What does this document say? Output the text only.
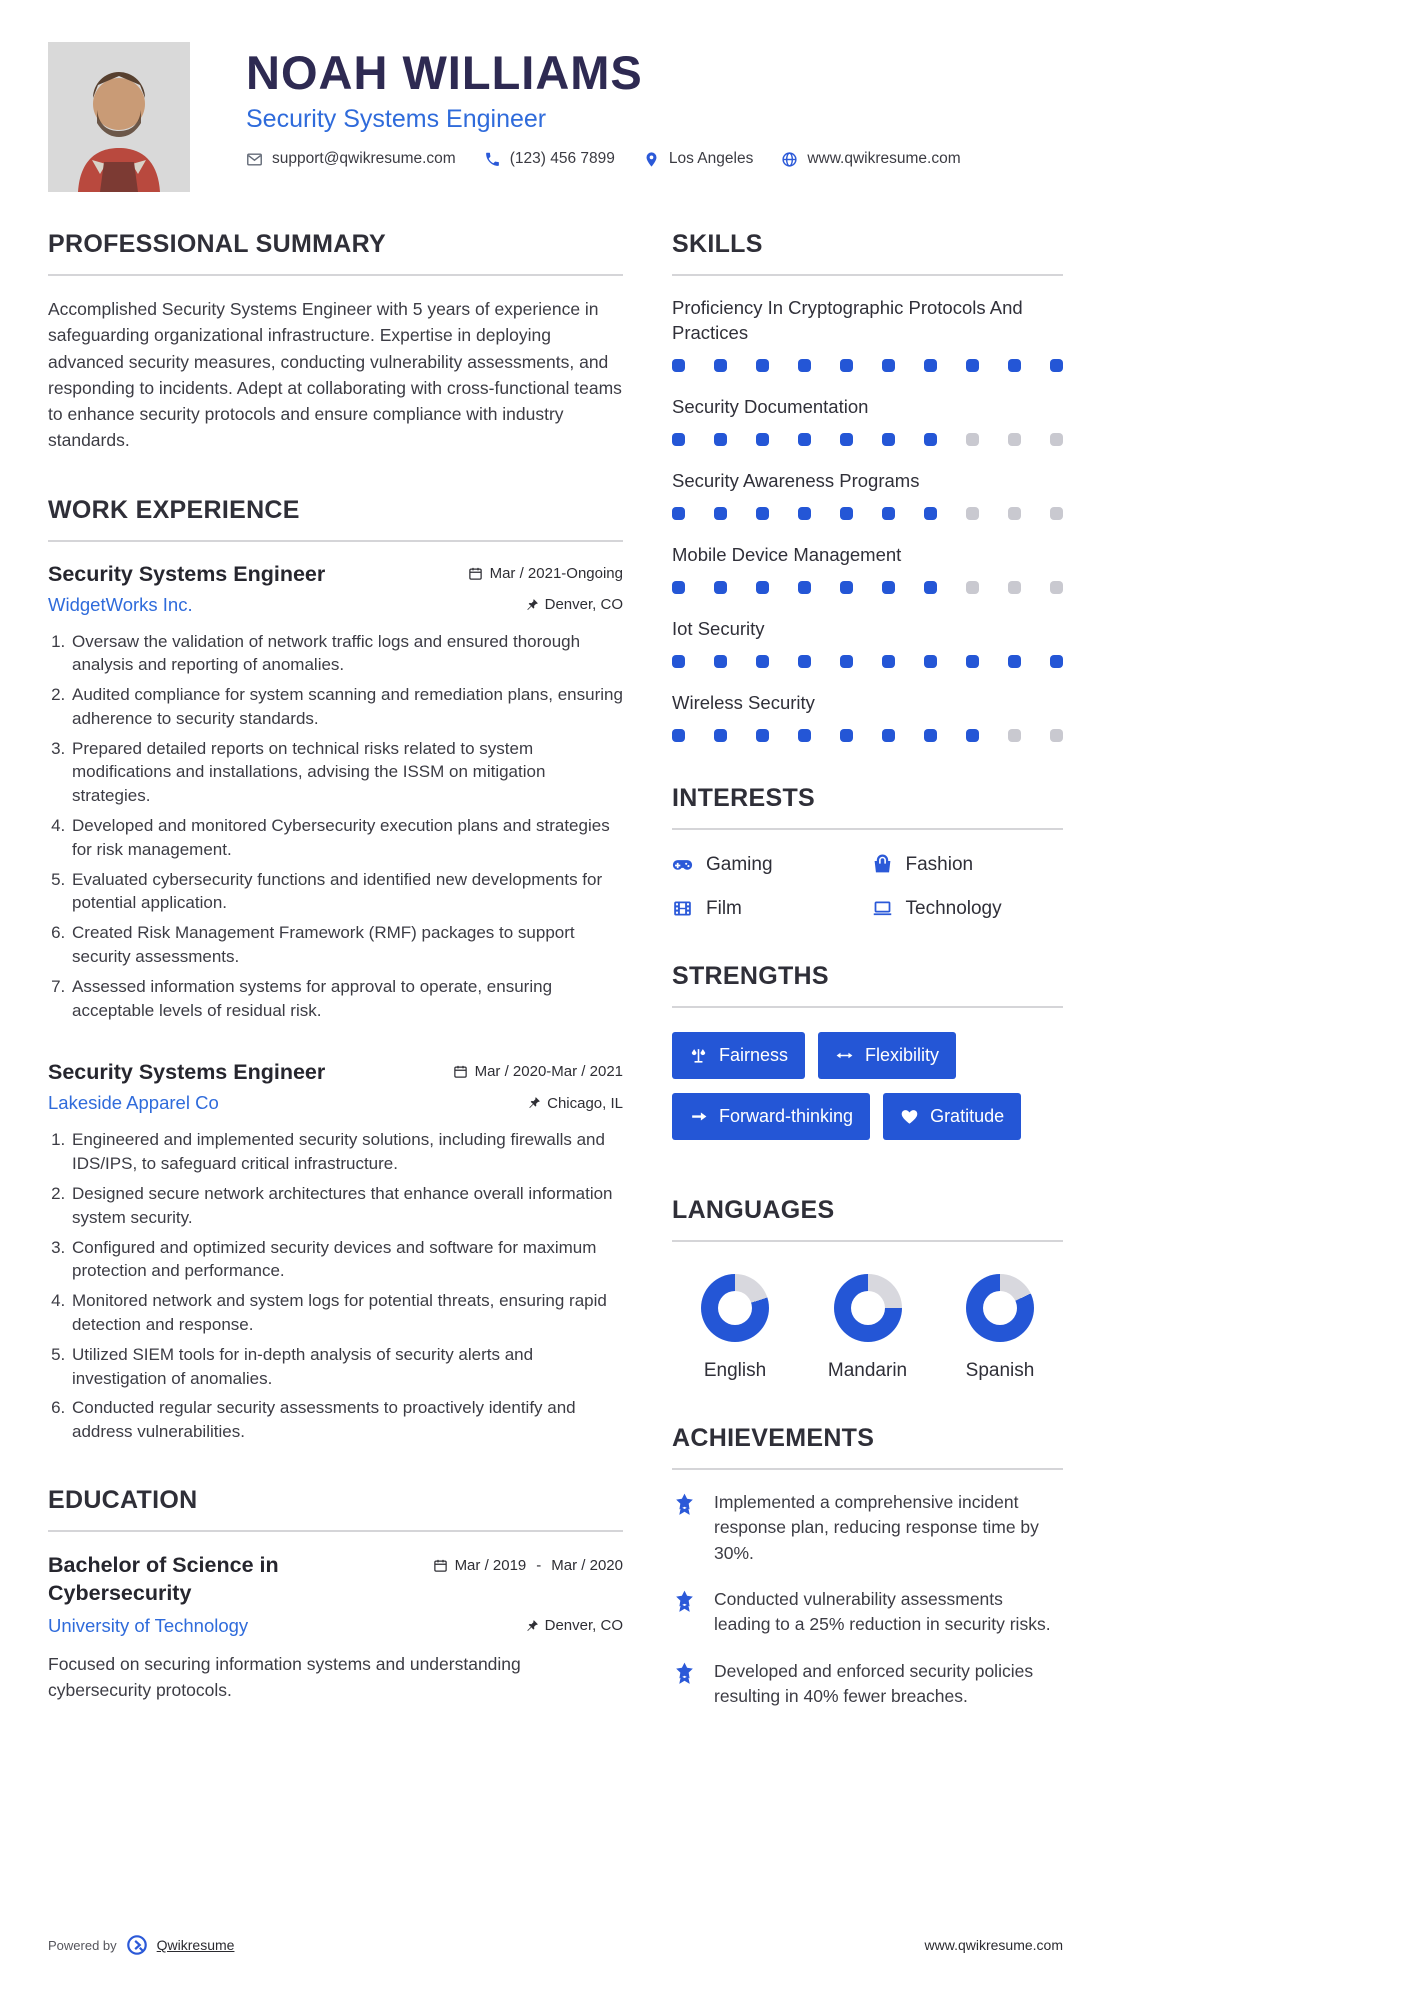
NOAH WILLIAMS
Security Systems Engineer
support@qwikresume.com	(123) 456 7899	Los Angeles	www.qwikresume.com
PROFESSIONAL SUMMARY

Accomplished Security Systems Engineer with 5 years of experience in safeguarding organizational infrastructure. Expertise in deploying advanced security measures, conducting vulnerability assessments, and responding to incidents. Adept at collaborating with cross-functional teams to enhance security protocols and ensure compliance with industry standards.

WORK EXPERIENCE
Security Systems Engineer	Mar / 2021-Ongoing
WidgetWorks Inc.	Denver, CO
1. Oversaw the validation of network traffic logs and ensured thorough analysis and reporting of anomalies.
2. Audited compliance for system scanning and remediation plans, ensuring adherence to security standards.
3. Prepared detailed reports on technical risks related to system modifications and installations, advising the ISSM on mitigation strategies.
4. Developed and monitored Cybersecurity execution plans and strategies for risk management.
5. Evaluated cybersecurity functions and identified new developments for potential application.
6. Created Risk Management Framework (RMF) packages to support security assessments.
7. Assessed information systems for approval to operate, ensuring acceptable levels of residual risk.
Security Systems Engineer	Mar / 2020-Mar / 2021
Lakeside Apparel Co	Chicago, IL
1. Engineered and implemented security solutions, including firewalls and IDS/IPS, to safeguard critical infrastructure.
2. Designed secure network architectures that enhance overall information system security.
3. Configured and optimized security devices and software for maximum protection and performance.
4. Monitored network and system logs for potential threats, ensuring rapid detection and response.
5. Utilized SIEM tools for in-depth analysis of security alerts and investigation of anomalies.
6. Conducted regular security assessments to proactively identify and address vulnerabilities.
EDUCATION
Bachelor of Science in Cybersecurity
Mar / 2019 - Mar / 2020
University of Technology	Denver, CO

Focused on securing information systems and understanding cybersecurity protocols.

SKILLS
Proficiency In Cryptographic Protocols And Practices
Security Documentation
Security Awareness Programs
Mobile Device Management
Iot Security
Wireless Security
INTERESTS
Gaming	Fashion
Film	Technology
STRENGTHS
Fairness	Flexibility
Forward-thinking	Gratitude
LANGUAGES
English	Mandarin	Spanish
ACHIEVEMENTS

Implemented a comprehensive incident response plan, reducing response time by 30%.

Conducted vulnerability assessments leading to a 25% reduction in security risks.

Developed and enforced security policies resulting in 40% fewer breaches.

Powered by	Qwikresume	www.qwikresume.com
